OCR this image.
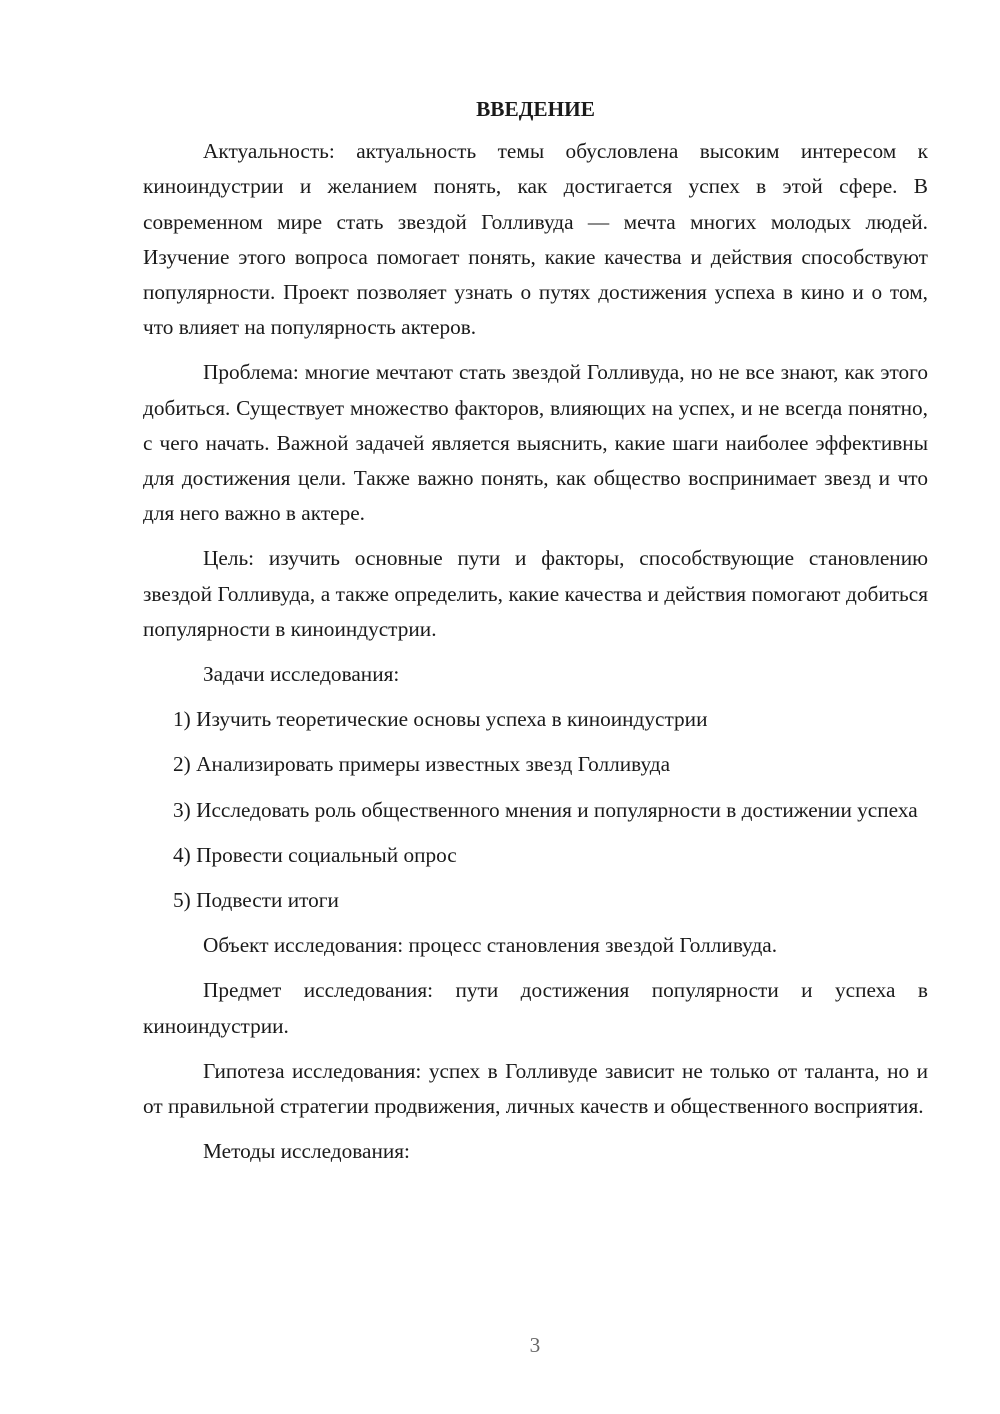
ВВЕДЕНИЕ

Актуальность: актуальность темы обусловлена высоким интересом к киноиндустрии и желанием понять, как достигается успех в этой сфере. В современном мире стать звездой Голливуда — мечта многих молодых людей. Изучение этого вопроса помогает понять, какие качества и действия способствуют популярности. Проект позволяет узнать о путях достижения успеха в кино и о том, что влияет на популярность актеров.

Проблема: многие мечтают стать звездой Голливуда, но не все знают, как этого добиться. Существует множество факторов, влияющих на успех, и не всегда понятно, с чего начать. Важной задачей является выяснить, какие шаги наиболее эффективны для достижения цели. Также важно понять, как общество воспринимает звезд и что для него важно в актере.

Цель: изучить основные пути и факторы, способствующие становлению звездой Голливуда, а также определить, какие качества и действия помогают добиться популярности в киноиндустрии.

Задачи исследования:

1) Изучить теоретические основы успеха в киноиндустрии

2) Анализировать примеры известных звезд Голливуда

3) Исследовать роль общественного мнения и популярности в достижении успеха

4) Провести социальный опрос

5) Подвести итоги

Объект исследования: процесс становления звездой Голливуда.

Предмет исследования: пути достижения популярности и успеха в киноиндустрии.

Гипотеза исследования: успех в Голливуде зависит не только от таланта, но и от правильной стратегии продвижения, личных качеств и общественного восприятия.

Методы исследования:

3
